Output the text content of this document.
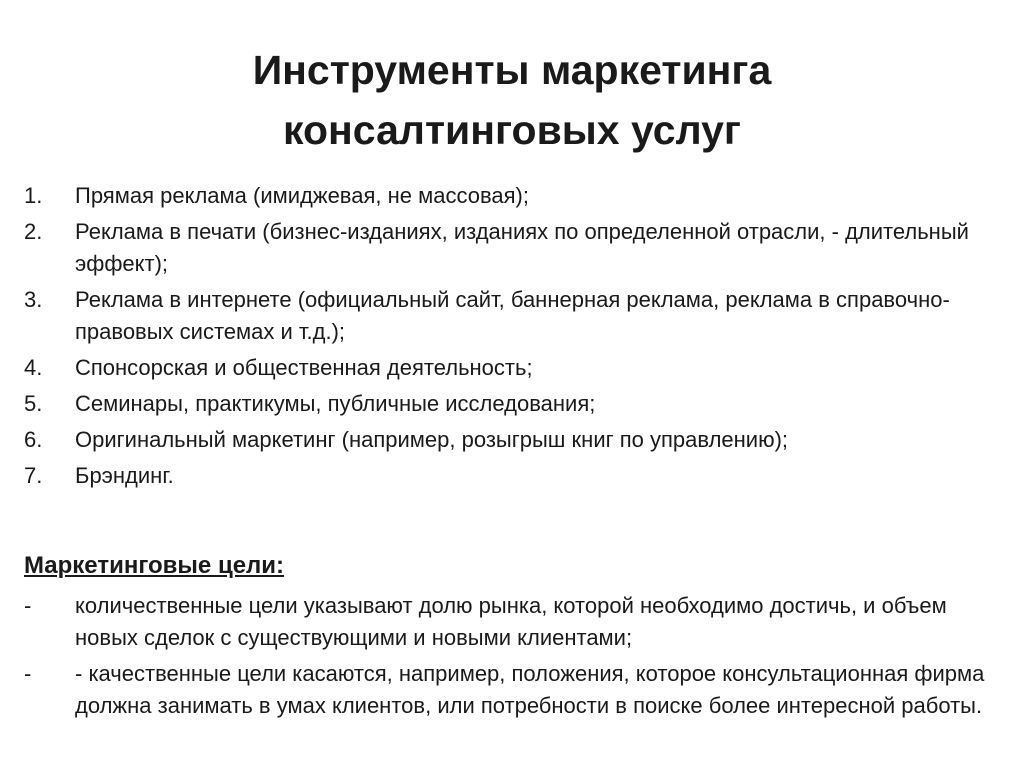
Инструменты маркетинга
консалтинговых услуг
1. Прямая реклама (имиджевая, не массовая);
2. Реклама в печати (бизнес-изданиях, изданиях по определенной отрасли, - длительный эффект);
3. Реклама в интернете (официальный сайт, баннерная реклама, реклама в справочно-правовых системах и т.д.);
4. Спонсорская и общественная деятельность;
5. Семинары, практикумы, публичные исследования;
6. Оригинальный маркетинг (например, розыгрыш книг по управлению);
7. Брэндинг.
Маркетинговые цели:
- количественные цели указывают долю рынка, которой необходимо достичь, и объем новых сделок с существующими и новыми клиентами;
- - качественные цели касаются, например, положения, которое консультационная фирма должна занимать в умах клиентов, или потребности в поиске более интересной работы.
